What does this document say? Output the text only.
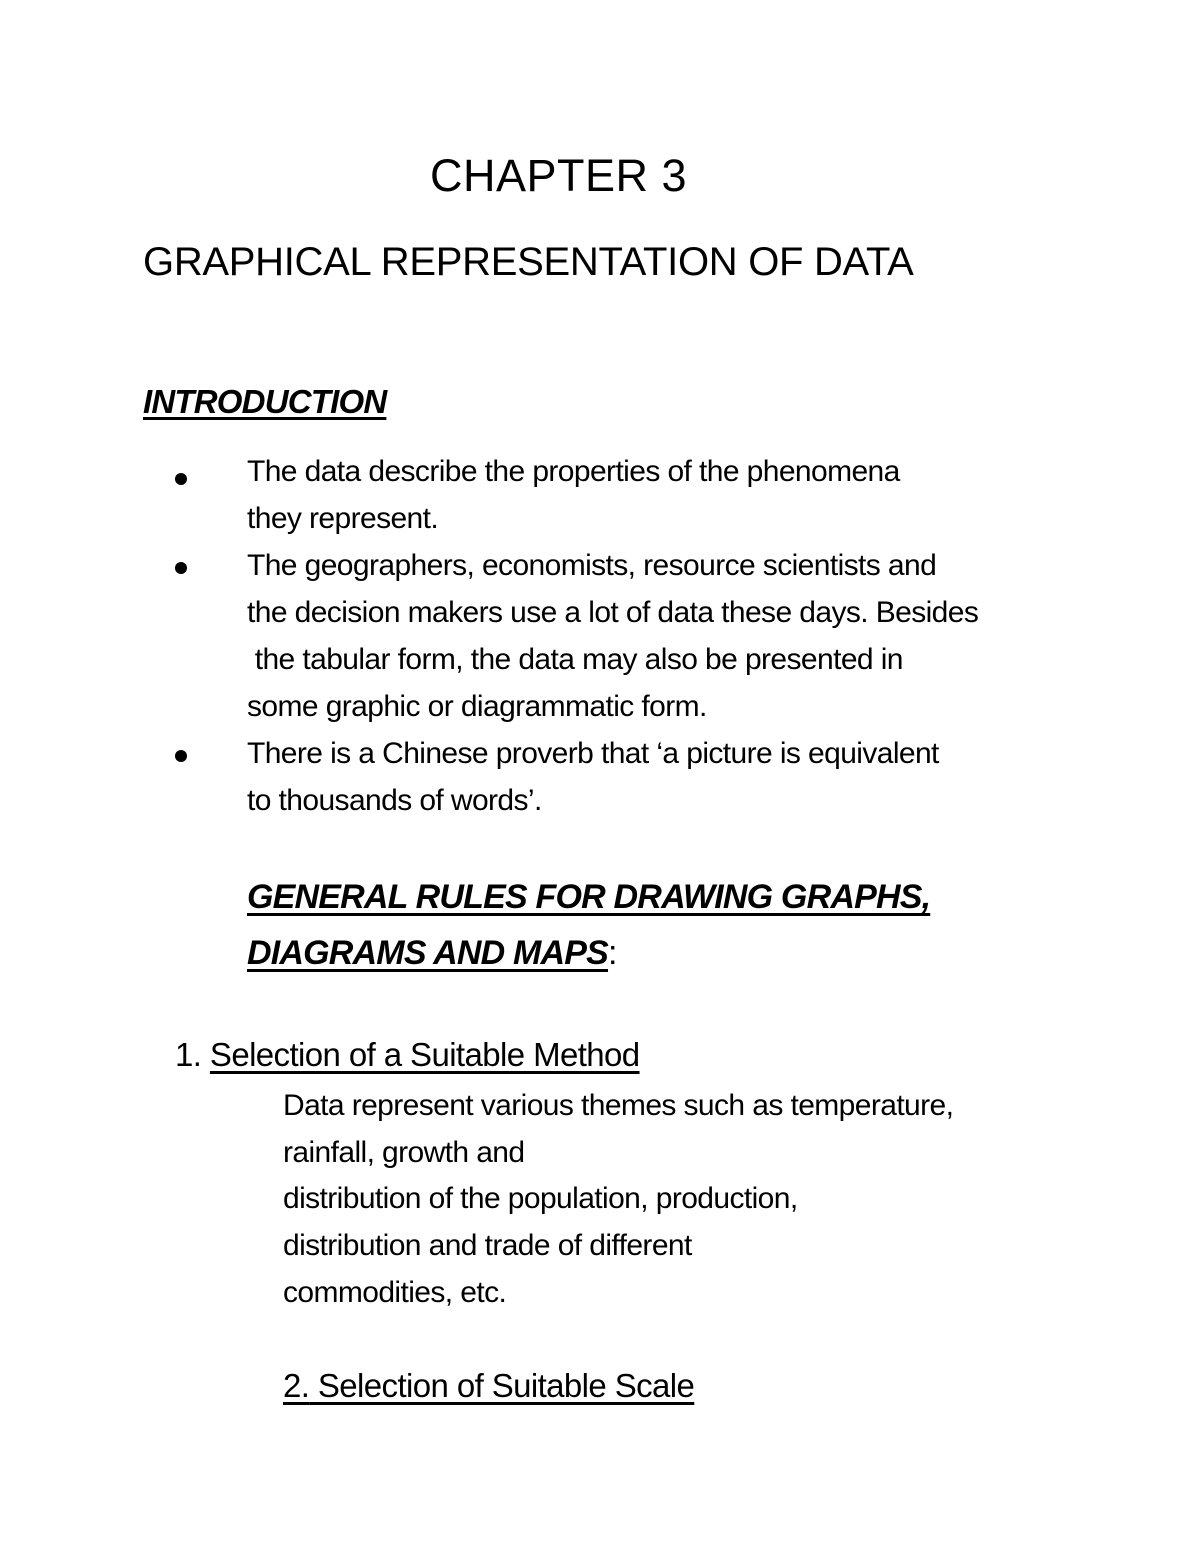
CHAPTER 3
GRAPHICAL REPRESENTATION OF DATA
INTRODUCTION
The data describe the properties of the phenomena
they represent.
The geographers, economists, resource scientists and
the decision makers use a lot of data these days. Besides
the tabular form, the data may also be presented in
some graphic or diagrammatic form.
There is a Chinese proverb that ‘a picture is equivalent
to thousands of words’.
GENERAL RULES FOR DRAWING GRAPHS,
DIAGRAMS AND MAPS:
1. Selection of a Suitable Method
Data represent various themes such as temperature,
rainfall, growth and
distribution of the population, production,
distribution and trade of different
commodities, etc.
2. Selection of Suitable Scale
